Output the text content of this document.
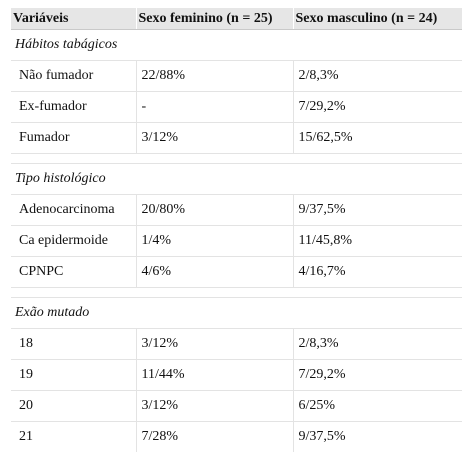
Variáveis	Sexo feminino (n = 25)	Sexo masculino (n = 24)
Hábitos tabágicos		
Não fumador	22/88%	2/8,3%
Ex-fumador	-	7/29,2%
Fumador	3/12%	15/62,5%

Tipo histológico		
Adenocarcinoma	20/80%	9/37,5%
Ca epidermoide	1/4%	11/45,8%
CPNPC	4/6%	4/16,7%

Exão mutado		
18	3/12%	2/8,3%
19	11/44%	7/29,2%
20	3/12%	6/25%
21	7/28%	9/37,5%
